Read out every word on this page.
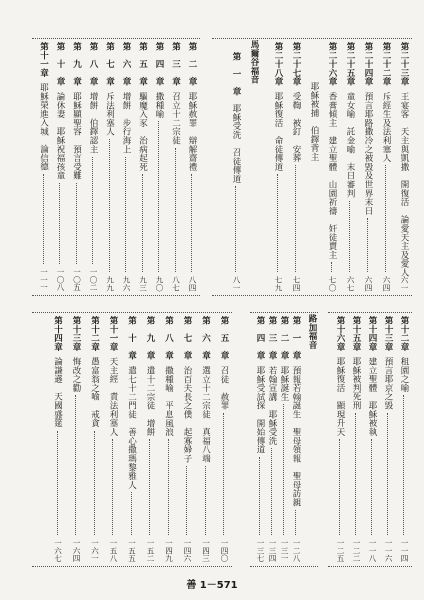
第二十三章
王宴客　天主與凱撒　開復活　論愛天主及愛人
六一
第二十二章
斥經生及法利塞人
六四
第二十四章
預言耶路撒冷之被毀及世界末日
六四
第二十五章
童女喻　託金喻　末日審判
六七
第二十六章
香膏傾主　建立聖體　山園祈禱　奸徒賣主
七〇
耶穌被捕　伯鐸背主
第二十七章
受鞫　被釘　安葬
七四
第二十八章
耶穌復活　命徒傳道
七九
馬爾谷福音
第　一　章
耶穌受洗　召徒傳道
八一
第　二　章
耶穌赦罪　辯解齋禮
八四
第　三　章
召立十二宗徒
八七
第　四　章
撒種喻
九〇
第　五　章
驅魔入豕　治病起死
九三
第　六　章
增餅　步行海上
九六
第　七　章
斥法利塞人
九九
第　八　章
增餅　伯鐸認主
一〇二
第　九　章
耶穌顯聖容　預言受難
一〇五
第　十　章
論休妻　耶穌祝福孩童
一〇八
第十一章
耶穌榮進入城　論信德
一一一
第十二章
租園之喻
一一四
第十三章
預言耶京之毀
一一六
第十四章
建立聖體　耶穌被執
一一八
第十五章
耶穌被判死刑
一二二
第十六章
耶穌復活　顯現升天
一二五
路加福音
第　一　章
預報若翰誕生　聖母領報　聖母訪親
一二八
第　二　章
耶穌誕生
一三一
第　三　章
若翰宣講　耶穌受洗
一三四
第　四　章
耶穌受試探　開始傳道
一三七
第　五　章
召徒　赦罪
一四〇
第　六　章
選立十二宗徒　真福八端
一四三
第　七　章
治百夫長之僕　起寡婦子
一四六
第　八　章
撒種喻　平息風浪
一四九
第　九　章
遣十二宗徒　增餅
一五二
第　十　章
遣七十二門徒　善心撒瑪黎雅人
一五五
第十一章
天主經　責法利塞人
一五八
第十二章
愚富翁之喻　戒貪
一六一
第十三章
悔改之勸
一六四
第十四章
論謙遜　天國盛筵
一六七
善 1－571
